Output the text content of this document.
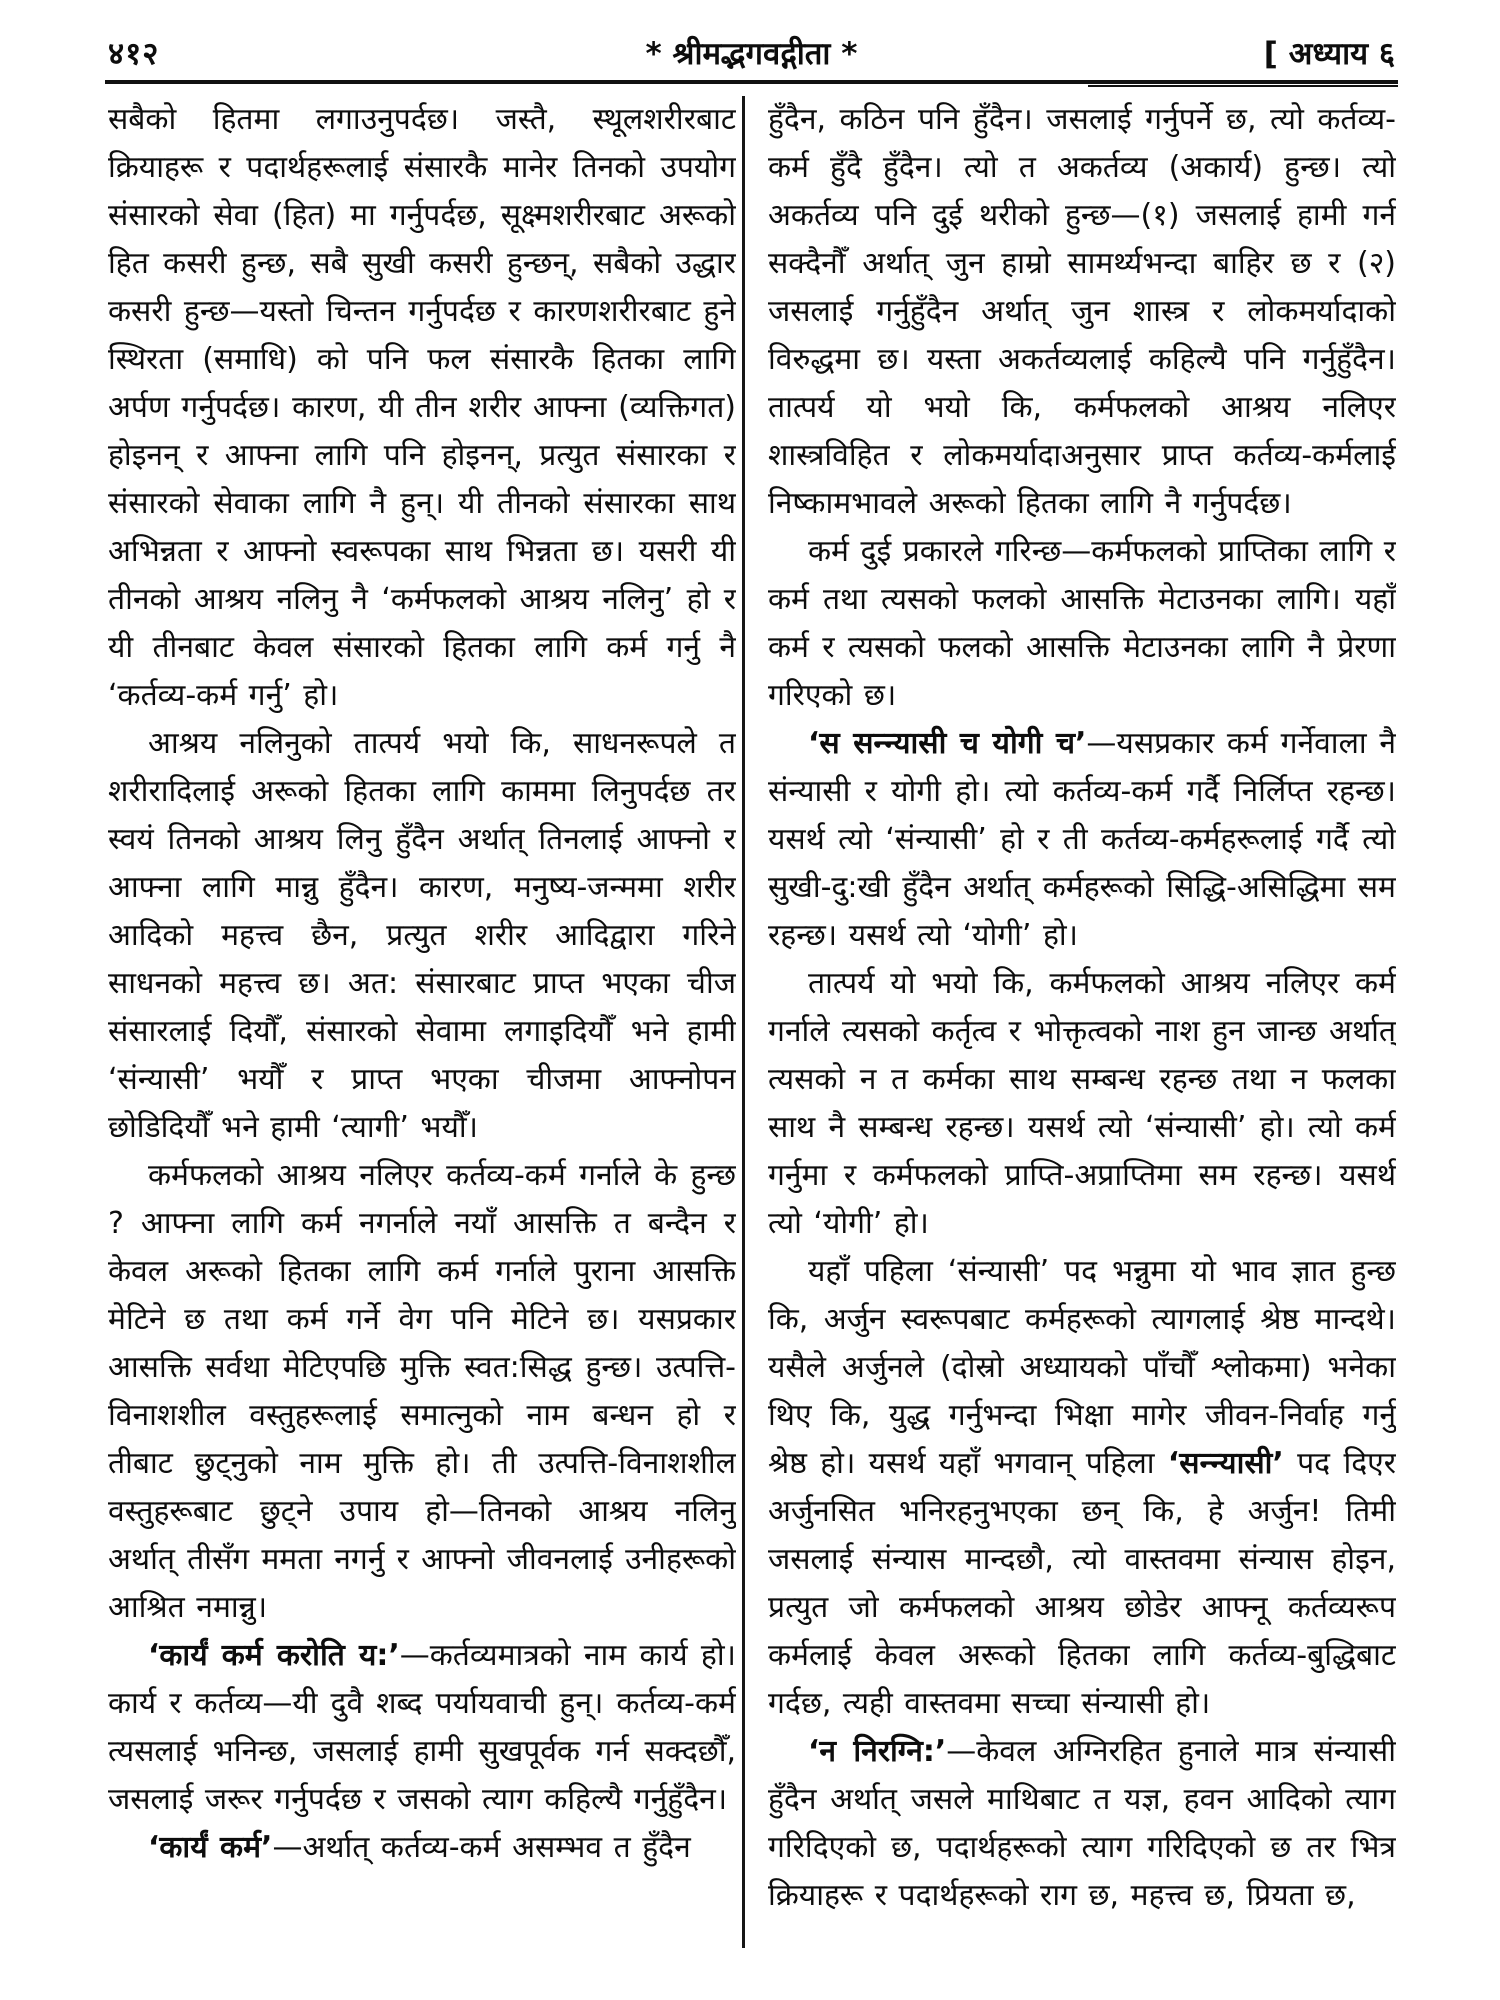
४१२	* श्रीमद्भगवद्गीता *	[ अध्याय ६

सबैको हितमा लगाउनुपर्दछ। जस्तै, स्थूलशरीरबाट क्रियाहरू र पदार्थहरूलाई संसारकै मानेर तिनको उपयोग संसारको सेवा (हित) मा गर्नुपर्दछ, सूक्ष्मशरीरबाट अरूको हित कसरी हुन्छ, सबै सुखी कसरी हुन्छन्, सबैको उद्धार कसरी हुन्छ—यस्तो चिन्तन गर्नुपर्दछ र कारणशरीरबाट हुने स्थिरता (समाधि) को पनि फल संसारकै हितका लागि अर्पण गर्नुपर्दछ। कारण, यी तीन शरीर आफ्ना (व्यक्तिगत) होइनन् र आफ्ना लागि पनि होइनन्, प्रत्युत संसारका र संसारको सेवाका लागि नै हुन्। यी तीनको संसारका साथ अभिन्नता र आफ्नो स्वरूपका साथ भिन्नता छ। यसरी यी तीनको आश्रय नलिनु नै ‘कर्मफलको आश्रय नलिनु’ हो र यी तीनबाट केवल संसारको हितका लागि कर्म गर्नु नै ‘कर्तव्य-कर्म गर्नु’ हो।

आश्रय नलिनुको तात्पर्य भयो कि, साधनरूपले त शरीरादिलाई अरूको हितका लागि काममा लिनुपर्दछ तर स्वयं तिनको आश्रय लिनु हुँदैन अर्थात् तिनलाई आफ्नो र आफ्ना लागि मान्नु हुँदैन। कारण, मनुष्य-जन्ममा शरीर आदिको महत्त्व छैन, प्रत्युत शरीर आदिद्वारा गरिने साधनको महत्त्व छ। अत: संसारबाट प्राप्त भएका चीज संसारलाई दियौँ, संसारको सेवामा लगाइदियौँ भने हामी ‘संन्यासी’ भयौँ र प्राप्त भएका चीजमा आफ्नोपन छोडिदियौँ भने हामी ‘त्यागी’ भयौँ।

कर्मफलको आश्रय नलिएर कर्तव्य-कर्म गर्नाले के हुन्छ ? आफ्ना लागि कर्म नगर्नाले नयाँ आसक्ति त बन्दैन र केवल अरूको हितका लागि कर्म गर्नाले पुराना आसक्ति मेटिने छ तथा कर्म गर्ने वेग पनि मेटिने छ। यसप्रकार आसक्ति सर्वथा मेटिएपछि मुक्ति स्वत:सिद्ध हुन्छ। उत्पत्ति-विनाशशील वस्तुहरूलाई समात्नुको नाम बन्धन हो र तीबाट छुट्नुको नाम मुक्ति हो। ती उत्पत्ति-विनाशशील वस्तुहरूबाट छुट्ने उपाय हो—तिनको आश्रय नलिनु अर्थात् तीसँग ममता नगर्नु र आफ्नो जीवनलाई उनीहरूको आश्रित नमान्नु।

‘कार्यं कर्म करोति य:’—कर्तव्यमात्रको नाम कार्य हो। कार्य र कर्तव्य—यी दुवै शब्द पर्यायवाची हुन्। कर्तव्य-कर्म त्यसलाई भनिन्छ, जसलाई हामी सुखपूर्वक गर्न सक्दछौँ, जसलाई जरूर गर्नुपर्दछ र जसको त्याग कहिल्यै गर्नुहुँदैन।

‘कार्यं कर्म’—अर्थात् कर्तव्य-कर्म असम्भव त हुँदैन

हुँदैन, कठिन पनि हुँदैन। जसलाई गर्नुपर्ने छ, त्यो कर्तव्य-कर्म हुँदै हुँदैन। त्यो त अकर्तव्य (अकार्य) हुन्छ। त्यो अकर्तव्य पनि दुई थरीको हुन्छ—(१) जसलाई हामी गर्न सक्दैनौँ अर्थात् जुन हाम्रो सामर्थ्यभन्दा बाहिर छ र (२) जसलाई गर्नुहुँदैन अर्थात् जुन शास्त्र र लोकमर्यादाको विरुद्धमा छ। यस्ता अकर्तव्यलाई कहिल्यै पनि गर्नुहुँदैन। तात्पर्य यो भयो कि, कर्मफलको आश्रय नलिएर शास्त्रविहित र लोकमर्यादाअनुसार प्राप्त कर्तव्य-कर्मलाई निष्कामभावले अरूको हितका लागि नै गर्नुपर्दछ।

कर्म दुई प्रकारले गरिन्छ—कर्मफलको प्राप्तिका लागि र कर्म तथा त्यसको फलको आसक्ति मेटाउनका लागि। यहाँ कर्म र त्यसको फलको आसक्ति मेटाउनका लागि नै प्रेरणा गरिएको छ।

‘स सन्न्यासी च योगी च’—यसप्रकार कर्म गर्नेवाला नै संन्यासी र योगी हो। त्यो कर्तव्य-कर्म गर्दै निर्लिप्त रहन्छ। यसर्थ त्यो ‘संन्यासी’ हो र ती कर्तव्य-कर्महरूलाई गर्दै त्यो सुखी-दु:खी हुँदैन अर्थात् कर्महरूको सिद्धि-असिद्धिमा सम रहन्छ। यसर्थ त्यो ‘योगी’ हो।

तात्पर्य यो भयो कि, कर्मफलको आश्रय नलिएर कर्म गर्नाले त्यसको कर्तृत्व र भोक्तृत्वको नाश हुन जान्छ अर्थात् त्यसको न त कर्मका साथ सम्बन्ध रहन्छ तथा न फलका साथ नै सम्बन्ध रहन्छ। यसर्थ त्यो ‘संन्यासी’ हो। त्यो कर्म गर्नुमा र कर्मफलको प्राप्ति-अप्राप्तिमा सम रहन्छ। यसर्थ त्यो ‘योगी’ हो।

यहाँ पहिला ‘संन्यासी’ पद भन्नुमा यो भाव ज्ञात हुन्छ कि, अर्जुन स्वरूपबाट कर्महरूको त्यागलाई श्रेष्ठ मान्दथे। यसैले अर्जुनले (दोस्रो अध्यायको पाँचौँ श्लोकमा) भनेका थिए कि, युद्ध गर्नुभन्दा भिक्षा मागेर जीवन-निर्वाह गर्नु श्रेष्ठ हो। यसर्थ यहाँ भगवान् पहिला ‘सन्न्यासी’ पद दिएर अर्जुनसित भनिरहनुभएका छन् कि, हे अर्जुन! तिमी जसलाई संन्यास मान्दछौ, त्यो वास्तवमा संन्यास होइन, प्रत्युत जो कर्मफलको आश्रय छोडेर आफ्नू कर्तव्यरूप कर्मलाई केवल अरूको हितका लागि कर्तव्य-बुद्धिबाट गर्दछ, त्यही वास्तवमा सच्चा संन्यासी हो।

‘न निरग्नि:’—केवल अग्निरहित हुनाले मात्र संन्यासी हुँदैन अर्थात् जसले माथिबाट त यज्ञ, हवन आदिको त्याग गरिदिएको छ, पदार्थहरूको त्याग गरिदिएको छ तर भित्र क्रियाहरू र पदार्थहरूको राग छ, महत्त्व छ, प्रियता छ,
